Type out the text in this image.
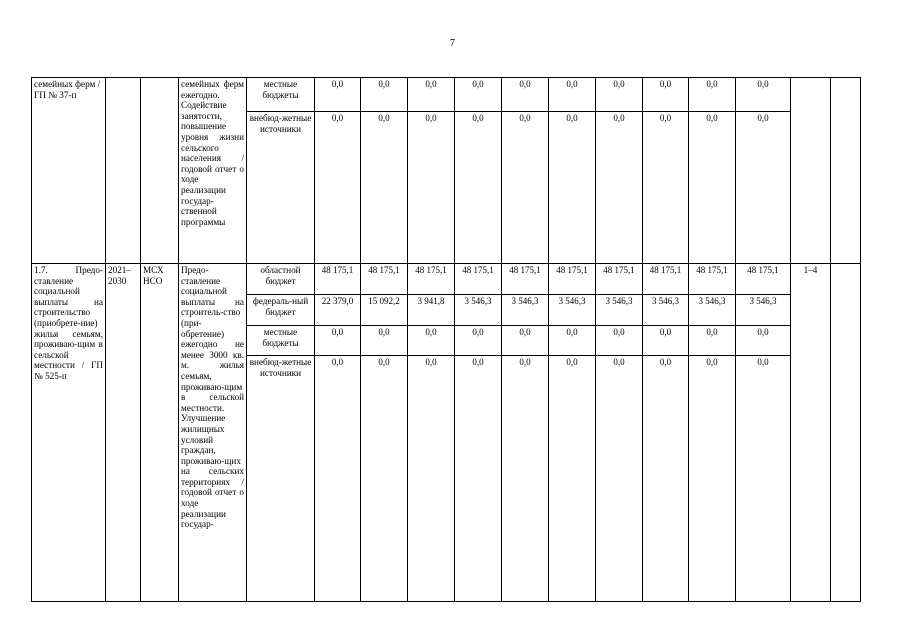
7
семейных ферм / ГП № 37-п			семейных ферм ежегодно. Содействие занятости, повышение уровня жизни сельского населения / годовой отчет о ходе реализации государ-ственной программы	местные бюджеты	0,0	0,0	0,0	0,0	0,0	0,0	0,0	0,0	0,0	0,0		
				внебюд-жетные источники	0,0	0,0	0,0	0,0	0,0	0,0	0,0	0,0	0,0	0,0		
1.7. Предо-ставление социальной выплаты на строительство (приобрете-ние) жилья семьям, проживаю-щим в сельской местности / ГП № 525-п	2021–2030	МСХ НСО	Предо-ставление социальной выплаты на строитель-ство (при-обретение) ежегодно не менее 3000 кв. м. жилья семьям, проживаю-щим в сельской местности. Улучшение жилищных условий граждан, проживаю-щих на сельских территориях / годовой отчет о ходе реализации государ-	областной бюджет	48 175,1	48 175,1	48 175,1	48 175,1	48 175,1	48 175,1	48 175,1	48 175,1	48 175,1	48 175,1	1–4	
				федераль-ный бюджет	22 379,0	15 092,2	3 941,8	3 546,3	3 546,3	3 546,3	3 546,3	3 546,3	3 546,3	3 546,3		
				местные бюджеты	0,0	0,0	0,0	0,0	0,0	0,0	0,0	0,0	0,0	0,0		
				внебюд-жетные источники	0,0	0,0	0,0	0,0	0,0	0,0	0,0	0,0	0,0	0,0		
